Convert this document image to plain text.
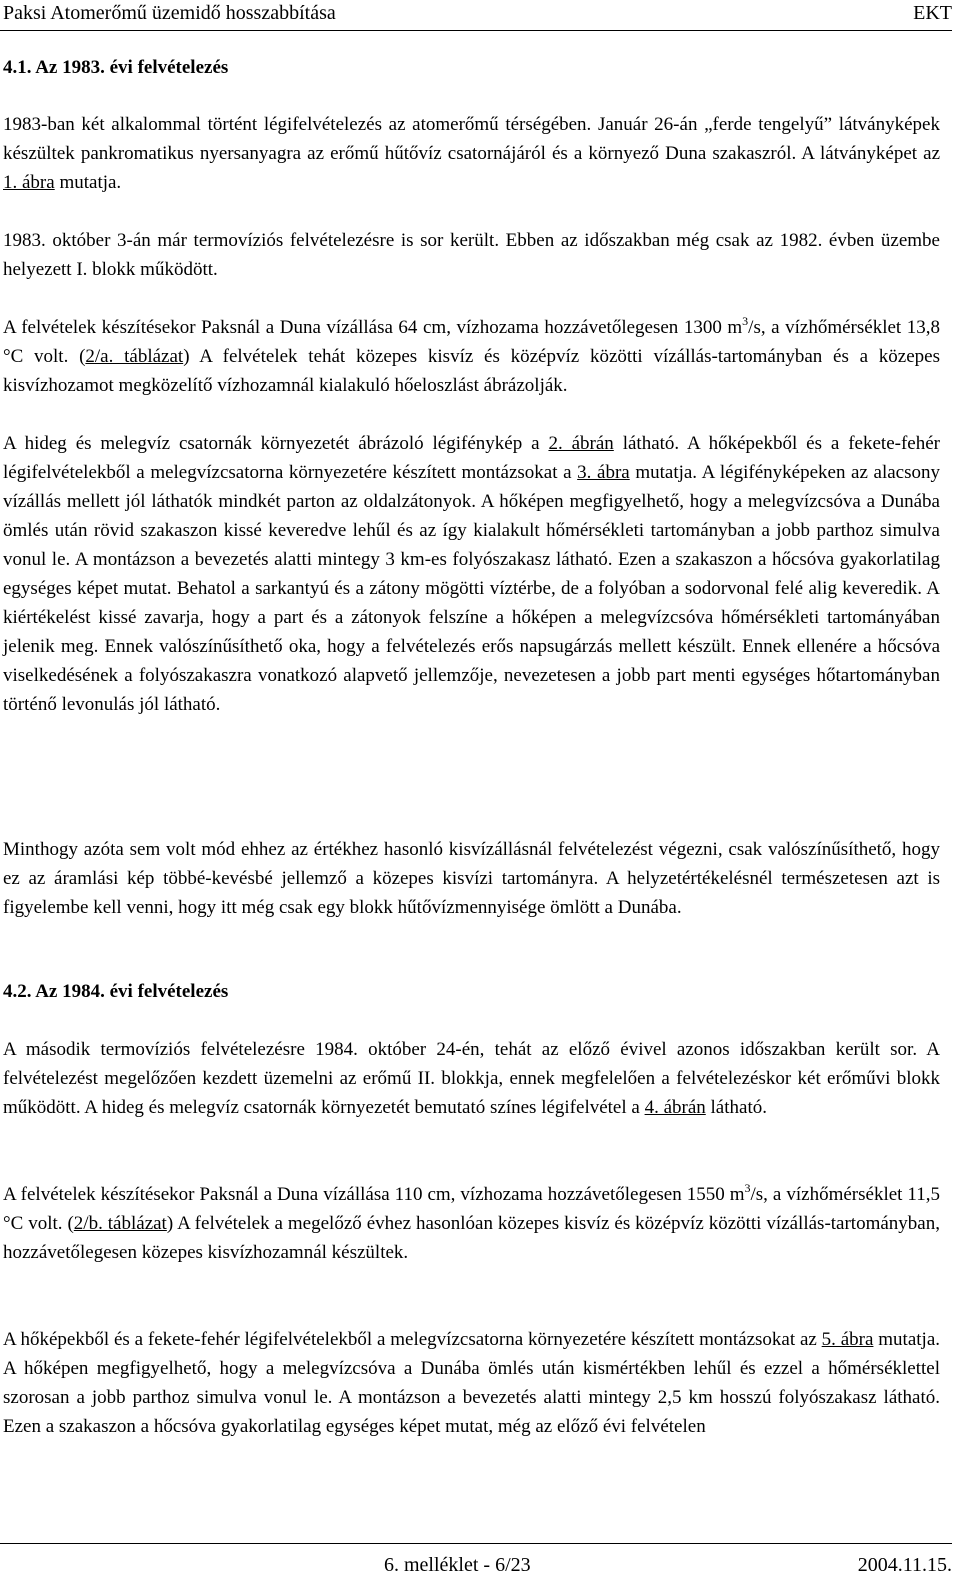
Paksi Atomerőmű üzemidő hosszabbítása	EKT
4.1. Az 1983. évi felvételezés

1983-ban két alkalommal történt légifelvételezés az atomerőmű térségében. Január 26-án „ferde tengelyű” látványképek készültek pankromatikus nyersanyagra az erőmű hűtővíz csatornájáról és a környező Duna szakaszról. A látványképet az 1. ábra mutatja.

1983. október 3-án már termovíziós felvételezésre is sor került. Ebben az időszakban még csak az 1982. évben üzembe helyezett I. blokk működött.

A felvételek készítésekor Paksnál a Duna vízállása 64 cm, vízhozama hozzávetőlegesen 1300 $m^3/s$, a vízhőmérséklet 13,8 °C volt. (2/a. táblázat) A felvételek tehát közepes kisvíz és középvíz közötti vízállás-tartományban és a közepes kisvízhozamot megközelítő vízhozamnál kialakuló hőeloszlást ábrázolják.

A hideg és melegvíz csatornák környezetét ábrázoló légifénykép a 2. ábrán látható. A hőképekből és a fekete-fehér légifelvételekből a melegvízcsatorna környezetére készített montázsokat a 3. ábra mutatja. A légifényképeken az alacsony vízállás mellett jól láthatók mindkét parton az oldalzátonyok. A hőképen megfigyelhető, hogy a melegvízcsóva a Dunába ömlés után rövid szakaszon kissé keveredve lehűl és az így kialakult hőmérsékleti tartományban a jobb parthoz simulva vonul le. A montázson a bevezetés alatti mintegy 3 km-es folyószakasz látható. Ezen a szakaszon a hőcsóva gyakorlatilag egységes képet mutat. Behatol a sarkantyú és a zátony mögötti víztérbe, de a folyóban a sodorvonal felé alig keveredik. A kiértékelést kissé zavarja, hogy a part és a zátonyok felszíne a hőképen a melegvízcsóva hőmérsékleti tartományában jelenik meg. Ennek valószínűsíthető oka, hogy a felvételezés erős napsugárzás mellett készült. Ennek ellenére a hőcsóva viselkedésének a folyószakaszra vonatkozó alapvető jellemzője, nevezetesen a jobb part menti egységes hőtartományban történő levonulás jól látható.

Minthogy azóta sem volt mód ehhez az értékhez hasonló kisvízállásnál felvételezést végezni, csak valószínűsíthető, hogy ez az áramlási kép többé-kevésbé jellemző a közepes kisvízi tartományra. A helyzetértékelésnél természetesen azt is figyelembe kell venni, hogy itt még csak egy blokk hűtővízmennyisége ömlött a Dunába.

4.2. Az 1984. évi felvételezés

A második termovíziós felvételezésre 1984. október 24-én, tehát az előző évivel azonos időszakban került sor. A felvételezést megelőzően kezdett üzemelni az erőmű II. blokkja, ennek megfelelően a felvételezéskor két erőművi blokk működött. A hideg és melegvíz csatornák környezetét bemutató színes légifelvétel a 4. ábrán látható.

A felvételek készítésekor Paksnál a Duna vízállása 110 cm, vízhozama hozzávetőlegesen 1550 $m^3/s$, a vízhőmérséklet 11,5 °C volt. (2/b. táblázat) A felvételek a megelőző évhez hasonlóan közepes kisvíz és középvíz közötti vízállás-tartományban, hozzávetőlegesen közepes kisvízhozamnál készültek.

A hőképekből és a fekete-fehér légifelvételekből a melegvízcsatorna környezetére készített montázsokat az 5. ábra mutatja. A hőképen megfigyelhető, hogy a melegvízcsóva a Dunába ömlés után kismértékben lehűl és ezzel a hőmérséklettel szorosan a jobb parthoz simulva vonul le. A montázson a bevezetés alatti mintegy 2,5 km hosszú folyószakasz látható. Ezen a szakaszon a hőcsóva gyakorlatilag egységes képet mutat, még az előző évi felvételen

6. melléklet - 6/23	2004.11.15.
